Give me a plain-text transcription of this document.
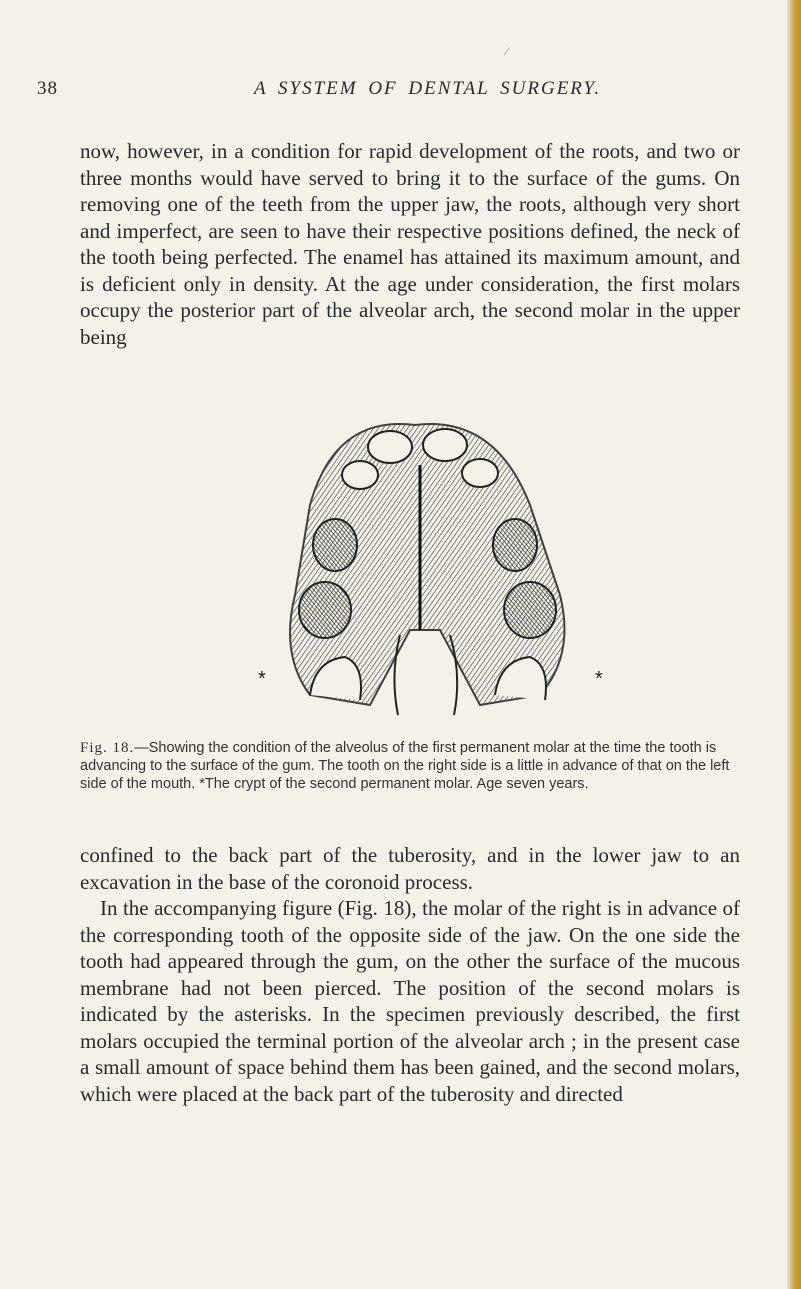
⁄
38	A SYSTEM OF DENTAL SURGERY.

now, however, in a condition for rapid development of the roots, and two or three months would have served to bring it to the surface of the gums. On removing one of the teeth from the upper jaw, the roots, although very short and imperfect, are seen to have their respective positions defined, the neck of the tooth being perfected. The enamel has attained its maximum amount, and is deficient only in density. At the age under consideration, the first molars occupy the posterior part of the alveolar arch, the second molar in the upper being

*	*
Fig. 18.—Showing the condition of the alveolus of the first permanent molar at the time the tooth is advancing to the surface of the gum. The tooth on the right side is a little in advance of that on the left side of the mouth. *The crypt of the second permanent molar. Age seven years.

confined to the back part of the tuberosity, and in the lower jaw to an excavation in the base of the coronoid process.

In the accompanying figure (Fig. 18), the molar of the right is in advance of the corresponding tooth of the opposite side of the jaw. On the one side the tooth had appeared through the gum, on the other the surface of the mucous membrane had not been pierced. The position of the second molars is indicated by the asterisks. In the specimen previously described, the first molars occupied the terminal portion of the alveolar arch ; in the present case a small amount of space behind them has been gained, and the second molars, which were placed at the back part of the tuberosity and directed
